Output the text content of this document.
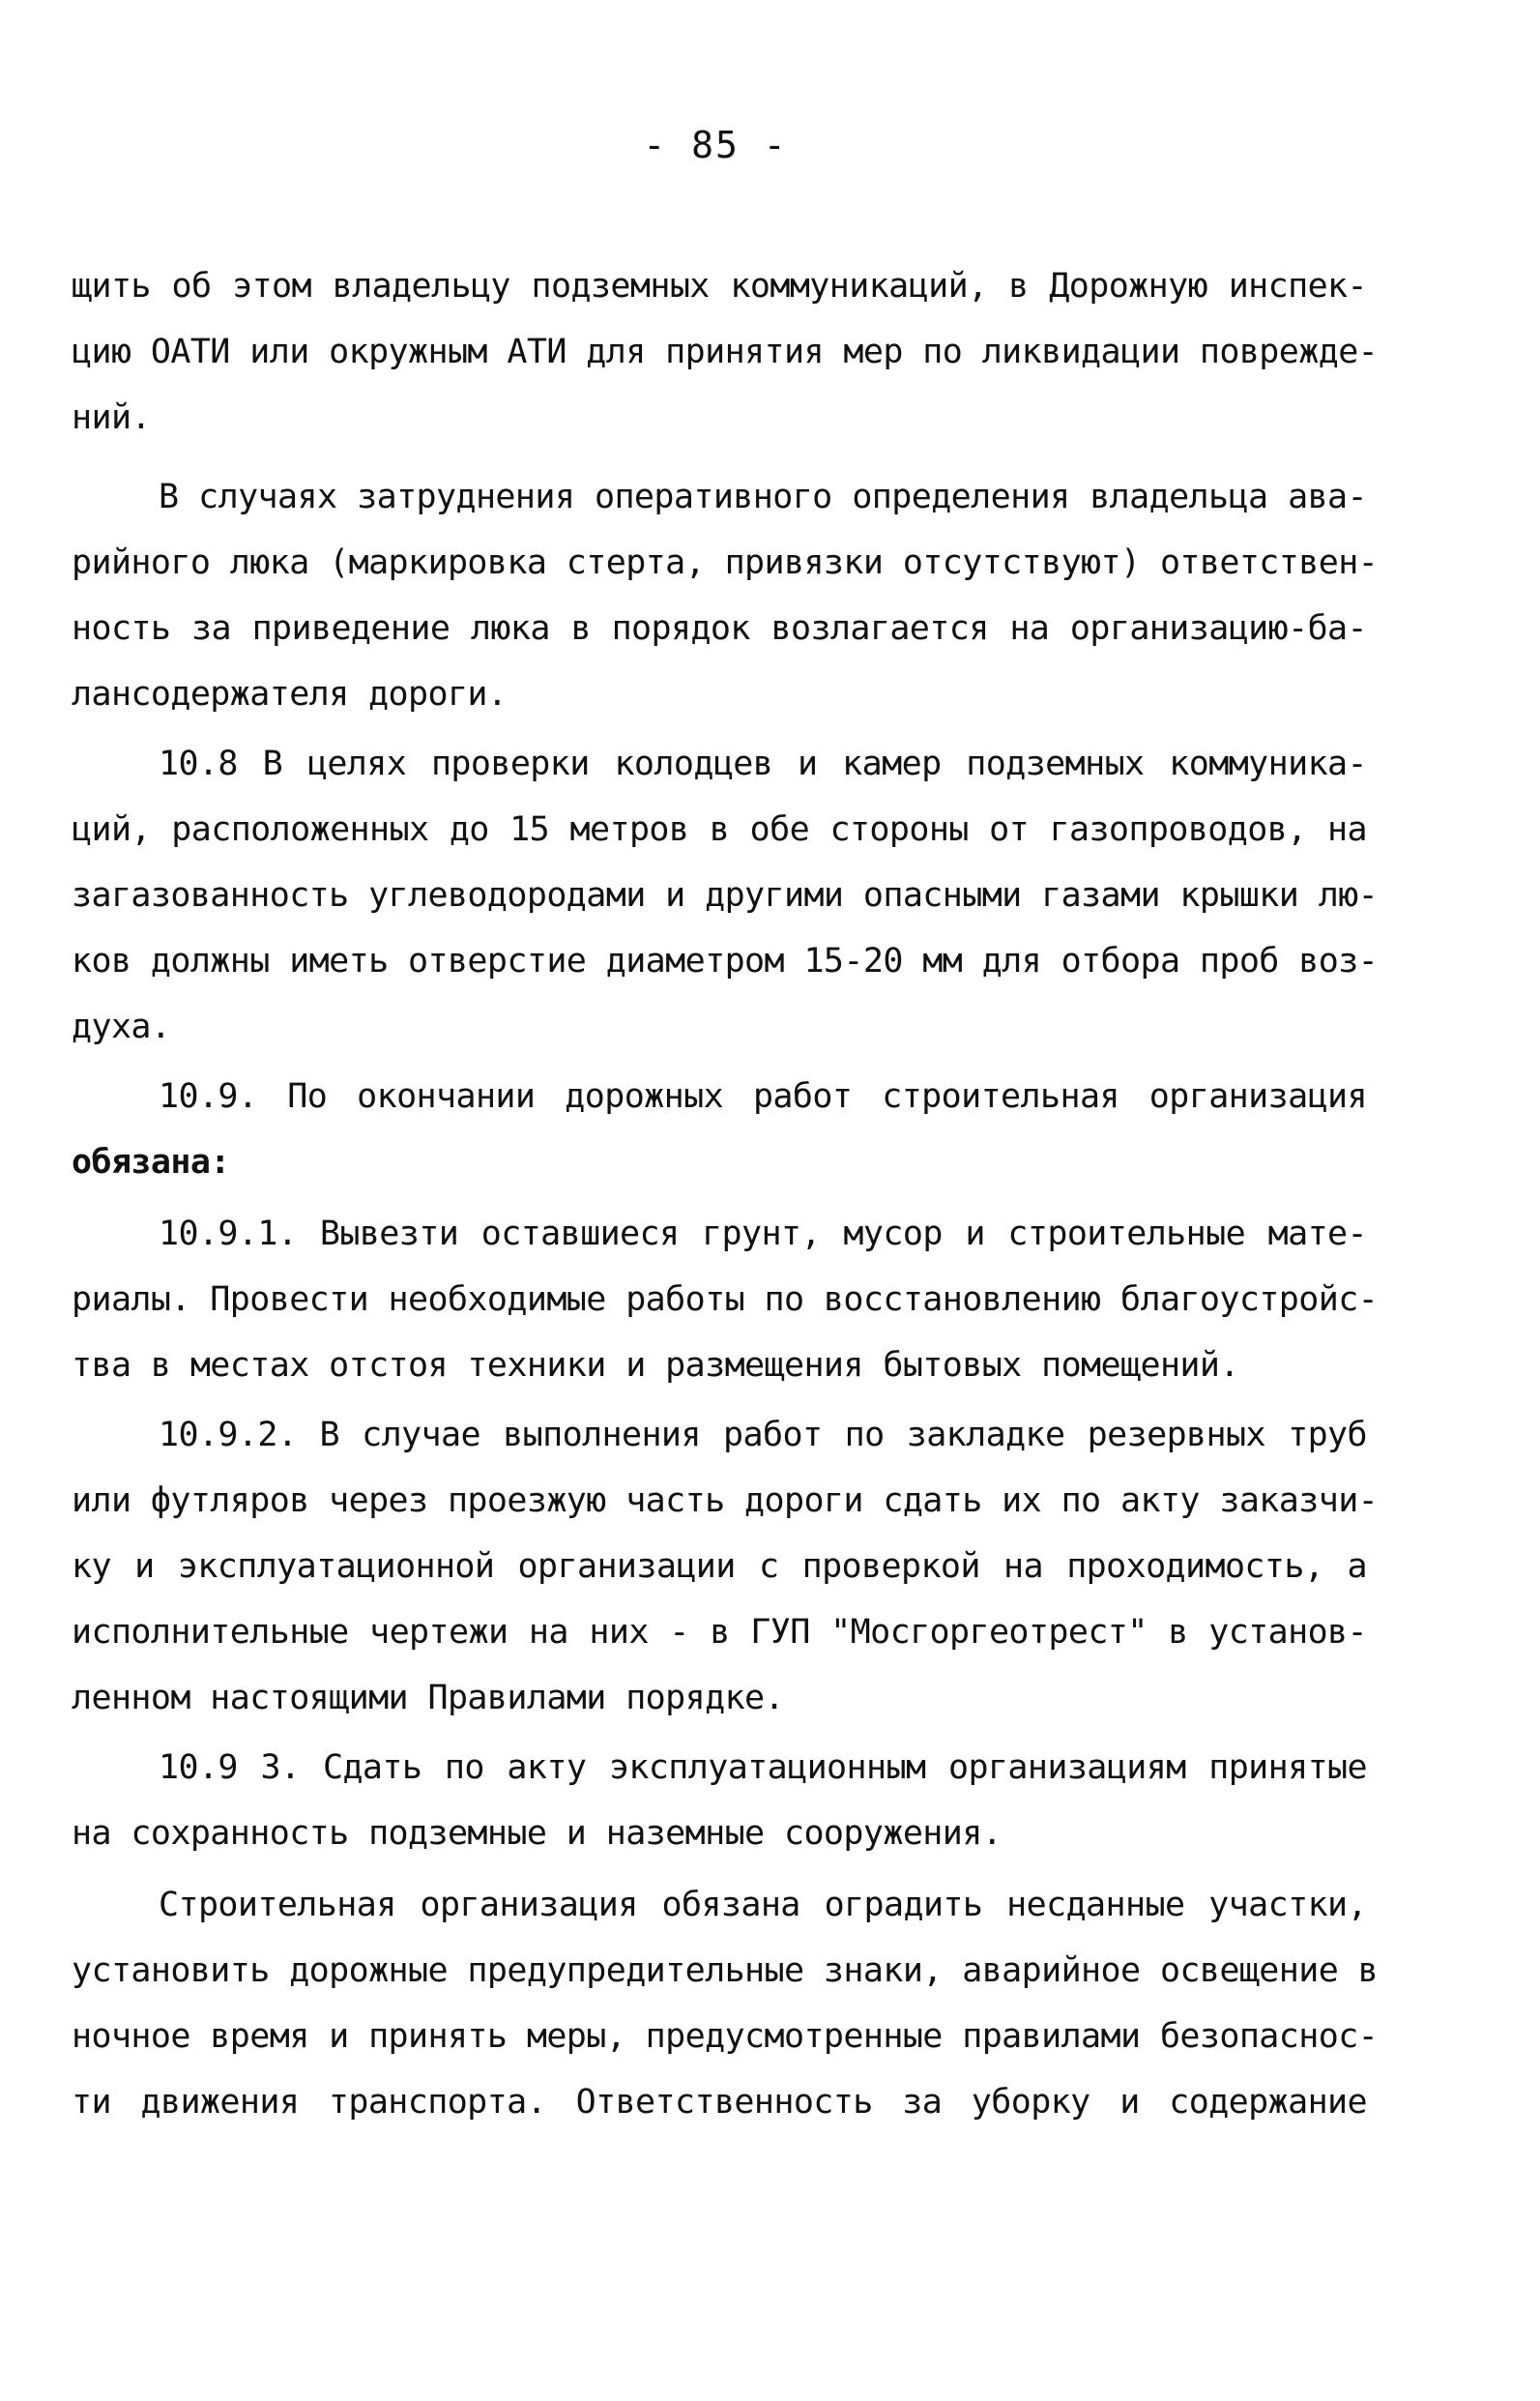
- 85 -
щить об этом владельцу подземных коммуникаций, в Дорожную инспек-
цию ОАТИ или окружным АТИ для принятия мер по ликвидации поврежде-
ний.
В случаях затруднения оперативного определения владельца ава-
рийного люка (маркировка стерта, привязки отсутствуют) ответствен-
ность за приведение люка в порядок возлагается на организацию-ба-
лансодержателя дороги.
10.8 В целях проверки колодцев и камер подземных коммуника-
ций, расположенных до 15 метров в обе стороны от газопроводов, на
загазованность углеводородами и другими опасными газами крышки лю-
ков должны иметь отверстие диаметром 15-20 мм для отбора проб воз-
духа.
10.9. По окончании дорожных работ строительная организация
обязана:
10.9.1. Вывезти оставшиеся грунт, мусор и строительные мате-
риалы. Провести необходимые работы по восстановлению благоустройс-
тва в местах отстоя техники и размещения бытовых помещений.
10.9.2. В случае выполнения работ по закладке резервных труб
или футляров через проезжую часть дороги сдать их по акту заказчи-
ку и эксплуатационной организации с проверкой на проходимость, а
исполнительные чертежи на них - в ГУП "Мосгоргеотрест" в установ-
ленном настоящими Правилами порядке.
10.9 3. Сдать по акту эксплуатационным организациям принятые
на сохранность подземные и наземные сооружения.
Строительная организация обязана оградить несданные участки,
установить дорожные предупредительные знаки, аварийное освещение в
ночное время и принять меры, предусмотренные правилами безопаснос-
ти движения транспорта. Ответственность за уборку и содержание
